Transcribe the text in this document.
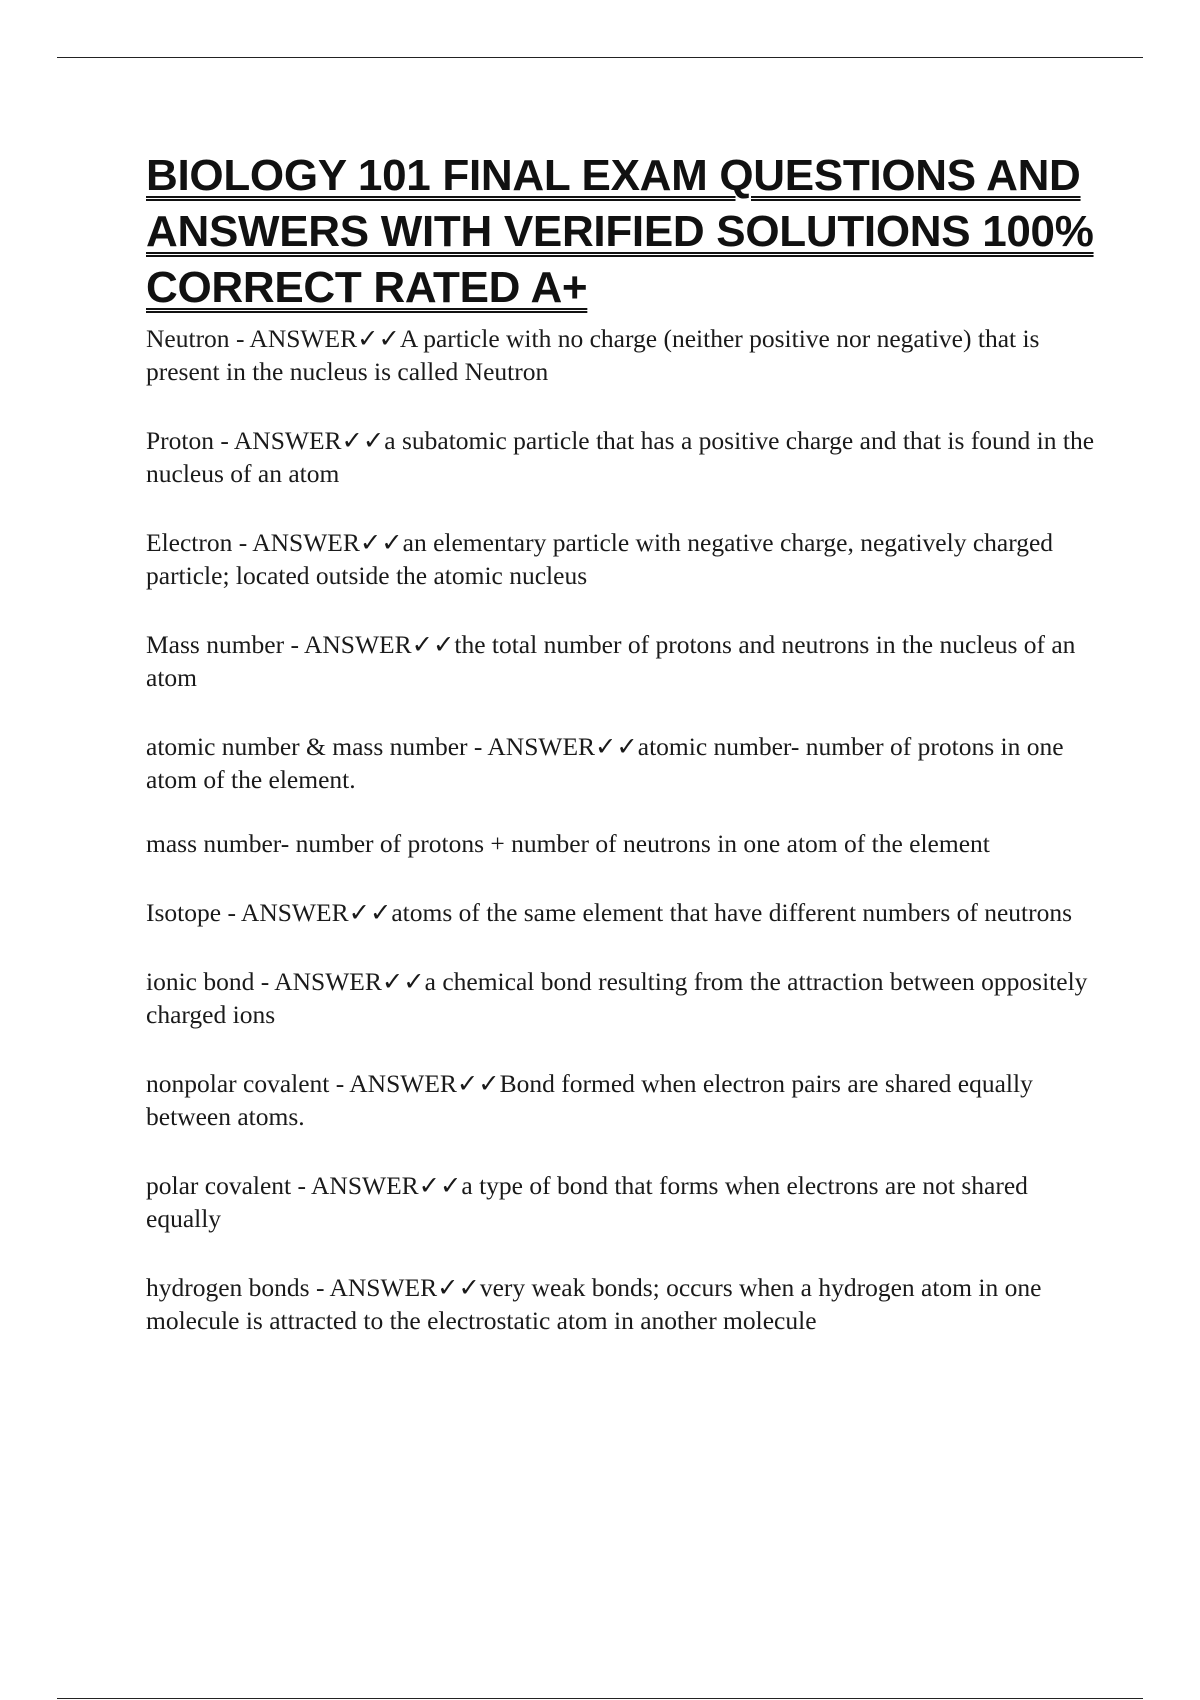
BIOLOGY 101 FINAL EXAM QUESTIONS AND ANSWERS WITH VERIFIED SOLUTIONS 100% CORRECT RATED A+

Neutron - ANSWER✓✓A particle with no charge (neither positive nor negative) that is present in the nucleus is called Neutron

Proton - ANSWER✓✓a subatomic particle that has a positive charge and that is found in the nucleus of an atom

Electron - ANSWER✓✓an elementary particle with negative charge, negatively charged particle; located outside the atomic nucleus

Mass number - ANSWER✓✓the total number of protons and neutrons in the nucleus of an atom

atomic number & mass number - ANSWER✓✓atomic number- number of protons in one atom of the element.

mass number- number of protons + number of neutrons in one atom of the element

Isotope - ANSWER✓✓atoms of the same element that have different numbers of neutrons

ionic bond - ANSWER✓✓a chemical bond resulting from the attraction between oppositely charged ions

nonpolar covalent - ANSWER✓✓Bond formed when electron pairs are shared equally between atoms.

polar covalent - ANSWER✓✓a type of bond that forms when electrons are not shared equally

hydrogen bonds - ANSWER✓✓very weak bonds; occurs when a hydrogen atom in one molecule is attracted to the electrostatic atom in another molecule
